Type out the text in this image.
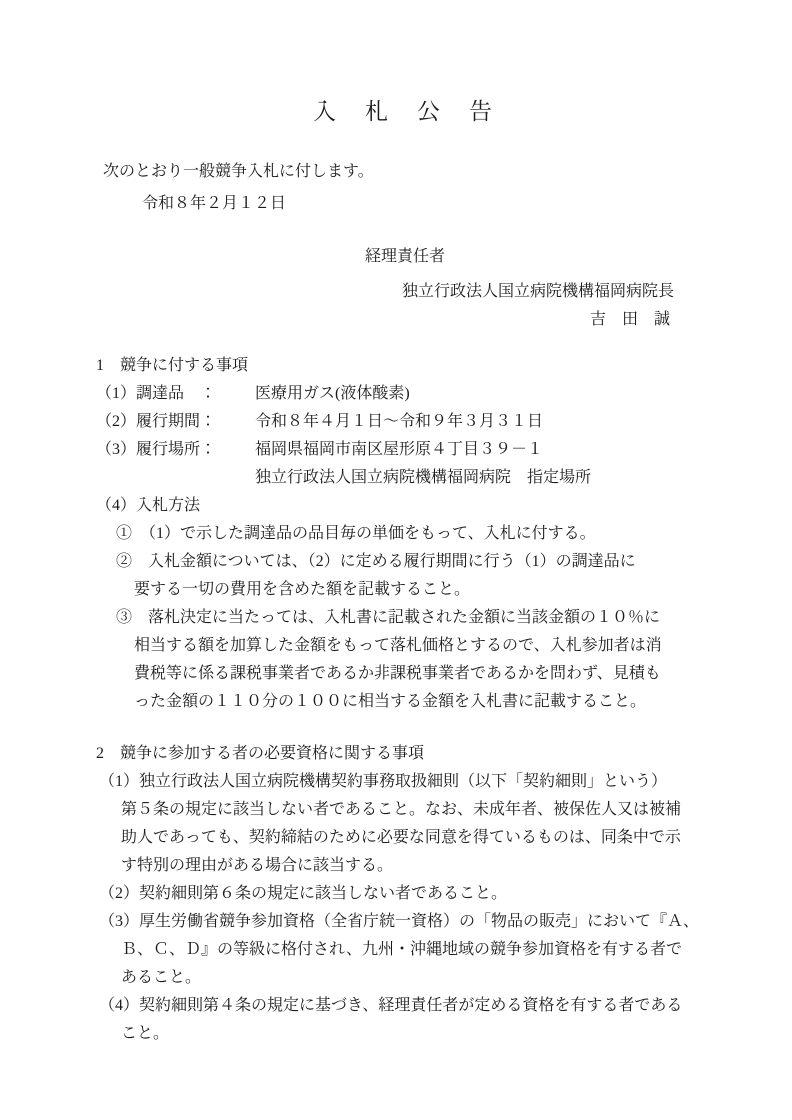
入　札　公　告
次のとおり一般競争入札に付します。
令和８年２月１２日
経理責任者
独立行政法人国立病院機構福岡病院長
吉　田　誠
1　競争に付する事項
（1）調達品　：	医療用ガス(液体酸素)
（2）履行期間：	令和８年４月１日～令和９年３月３１日
（3）履行場所：	福岡県福岡市南区屋形原４丁目３９－１
独立行政法人国立病院機構福岡病院　指定場所
（4）入札方法
①　（1）で示した調達品の品目毎の単価をもって、入札に付する。
②　入札金額については、（2）に定める履行期間に行う（1）の調達品に
要する一切の費用を含めた額を記載すること。
③　落札決定に当たっては、入札書に記載された金額に当該金額の１０％に
相当する額を加算した金額をもって落札価格とするので、入札参加者は消
費税等に係る課税事業者であるか非課税事業者であるかを問わず、見積も
った金額の１１０分の１００に相当する金額を入札書に記載すること。
2　競争に参加する者の必要資格に関する事項
（1）独立行政法人国立病院機構契約事務取扱細則（以下「契約細則」という）
第５条の規定に該当しない者であること。なお、未成年者、被保佐人又は被補
助人であっても、契約締結のために必要な同意を得ているものは、同条中で示
す特別の理由がある場合に該当する。
（2）契約細則第６条の規定に該当しない者であること。
（3）厚生労働省競争参加資格（全省庁統一資格）の「物品の販売」において『Ａ、
Ｂ、Ｃ、Ｄ』の等級に格付され、九州・沖縄地域の競争参加資格を有する者で
あること。
（4）契約細則第４条の規定に基づき、経理責任者が定める資格を有する者である
こと。
